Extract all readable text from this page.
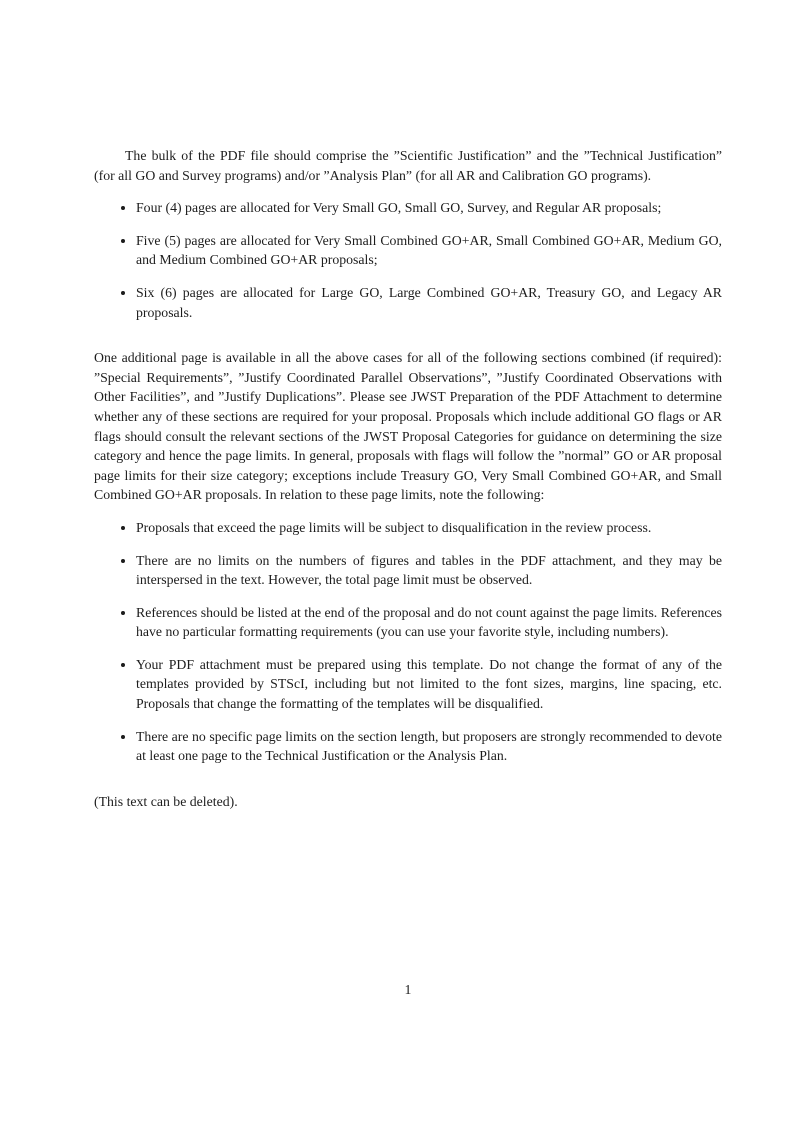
The bulk of the PDF file should comprise the ”Scientific Justification” and the ”Technical Justification” (for all GO and Survey programs) and/or ”Analysis Plan” (for all AR and Calibration GO programs).

• Four (4) pages are allocated for Very Small GO, Small GO, Survey, and Regular AR proposals;
• Five (5) pages are allocated for Very Small Combined GO+AR, Small Combined GO+AR, Medium GO, and Medium Combined GO+AR proposals;
• Six (6) pages are allocated for Large GO, Large Combined GO+AR, Treasury GO, and Legacy AR proposals.

One additional page is available in all the above cases for all of the following sections combined (if required): ”Special Requirements”, ”Justify Coordinated Parallel Observations”, ”Justify Coordinated Observations with Other Facilities”, and ”Justify Duplications”. Please see JWST Preparation of the PDF Attachment to determine whether any of these sections are required for your proposal. Proposals which include additional GO flags or AR flags should consult the relevant sections of the JWST Proposal Categories for guidance on determining the size category and hence the page limits. In general, proposals with flags will follow the ”normal” GO or AR proposal page limits for their size category; exceptions include Treasury GO, Very Small Combined GO+AR, and Small Combined GO+AR proposals. In relation to these page limits, note the following:

• Proposals that exceed the page limits will be subject to disqualification in the review process.
• There are no limits on the numbers of figures and tables in the PDF attachment, and they may be interspersed in the text. However, the total page limit must be observed.
• References should be listed at the end of the proposal and do not count against the page limits. References have no particular formatting requirements (you can use your favorite style, including numbers).
• Your PDF attachment must be prepared using this template. Do not change the format of any of the templates provided by STScI, including but not limited to the font sizes, margins, line spacing, etc. Proposals that change the formatting of the templates will be disqualified.
• There are no specific page limits on the section length, but proposers are strongly recommended to devote at least one page to the Technical Justification or the Analysis Plan.

(This text can be deleted).

1
